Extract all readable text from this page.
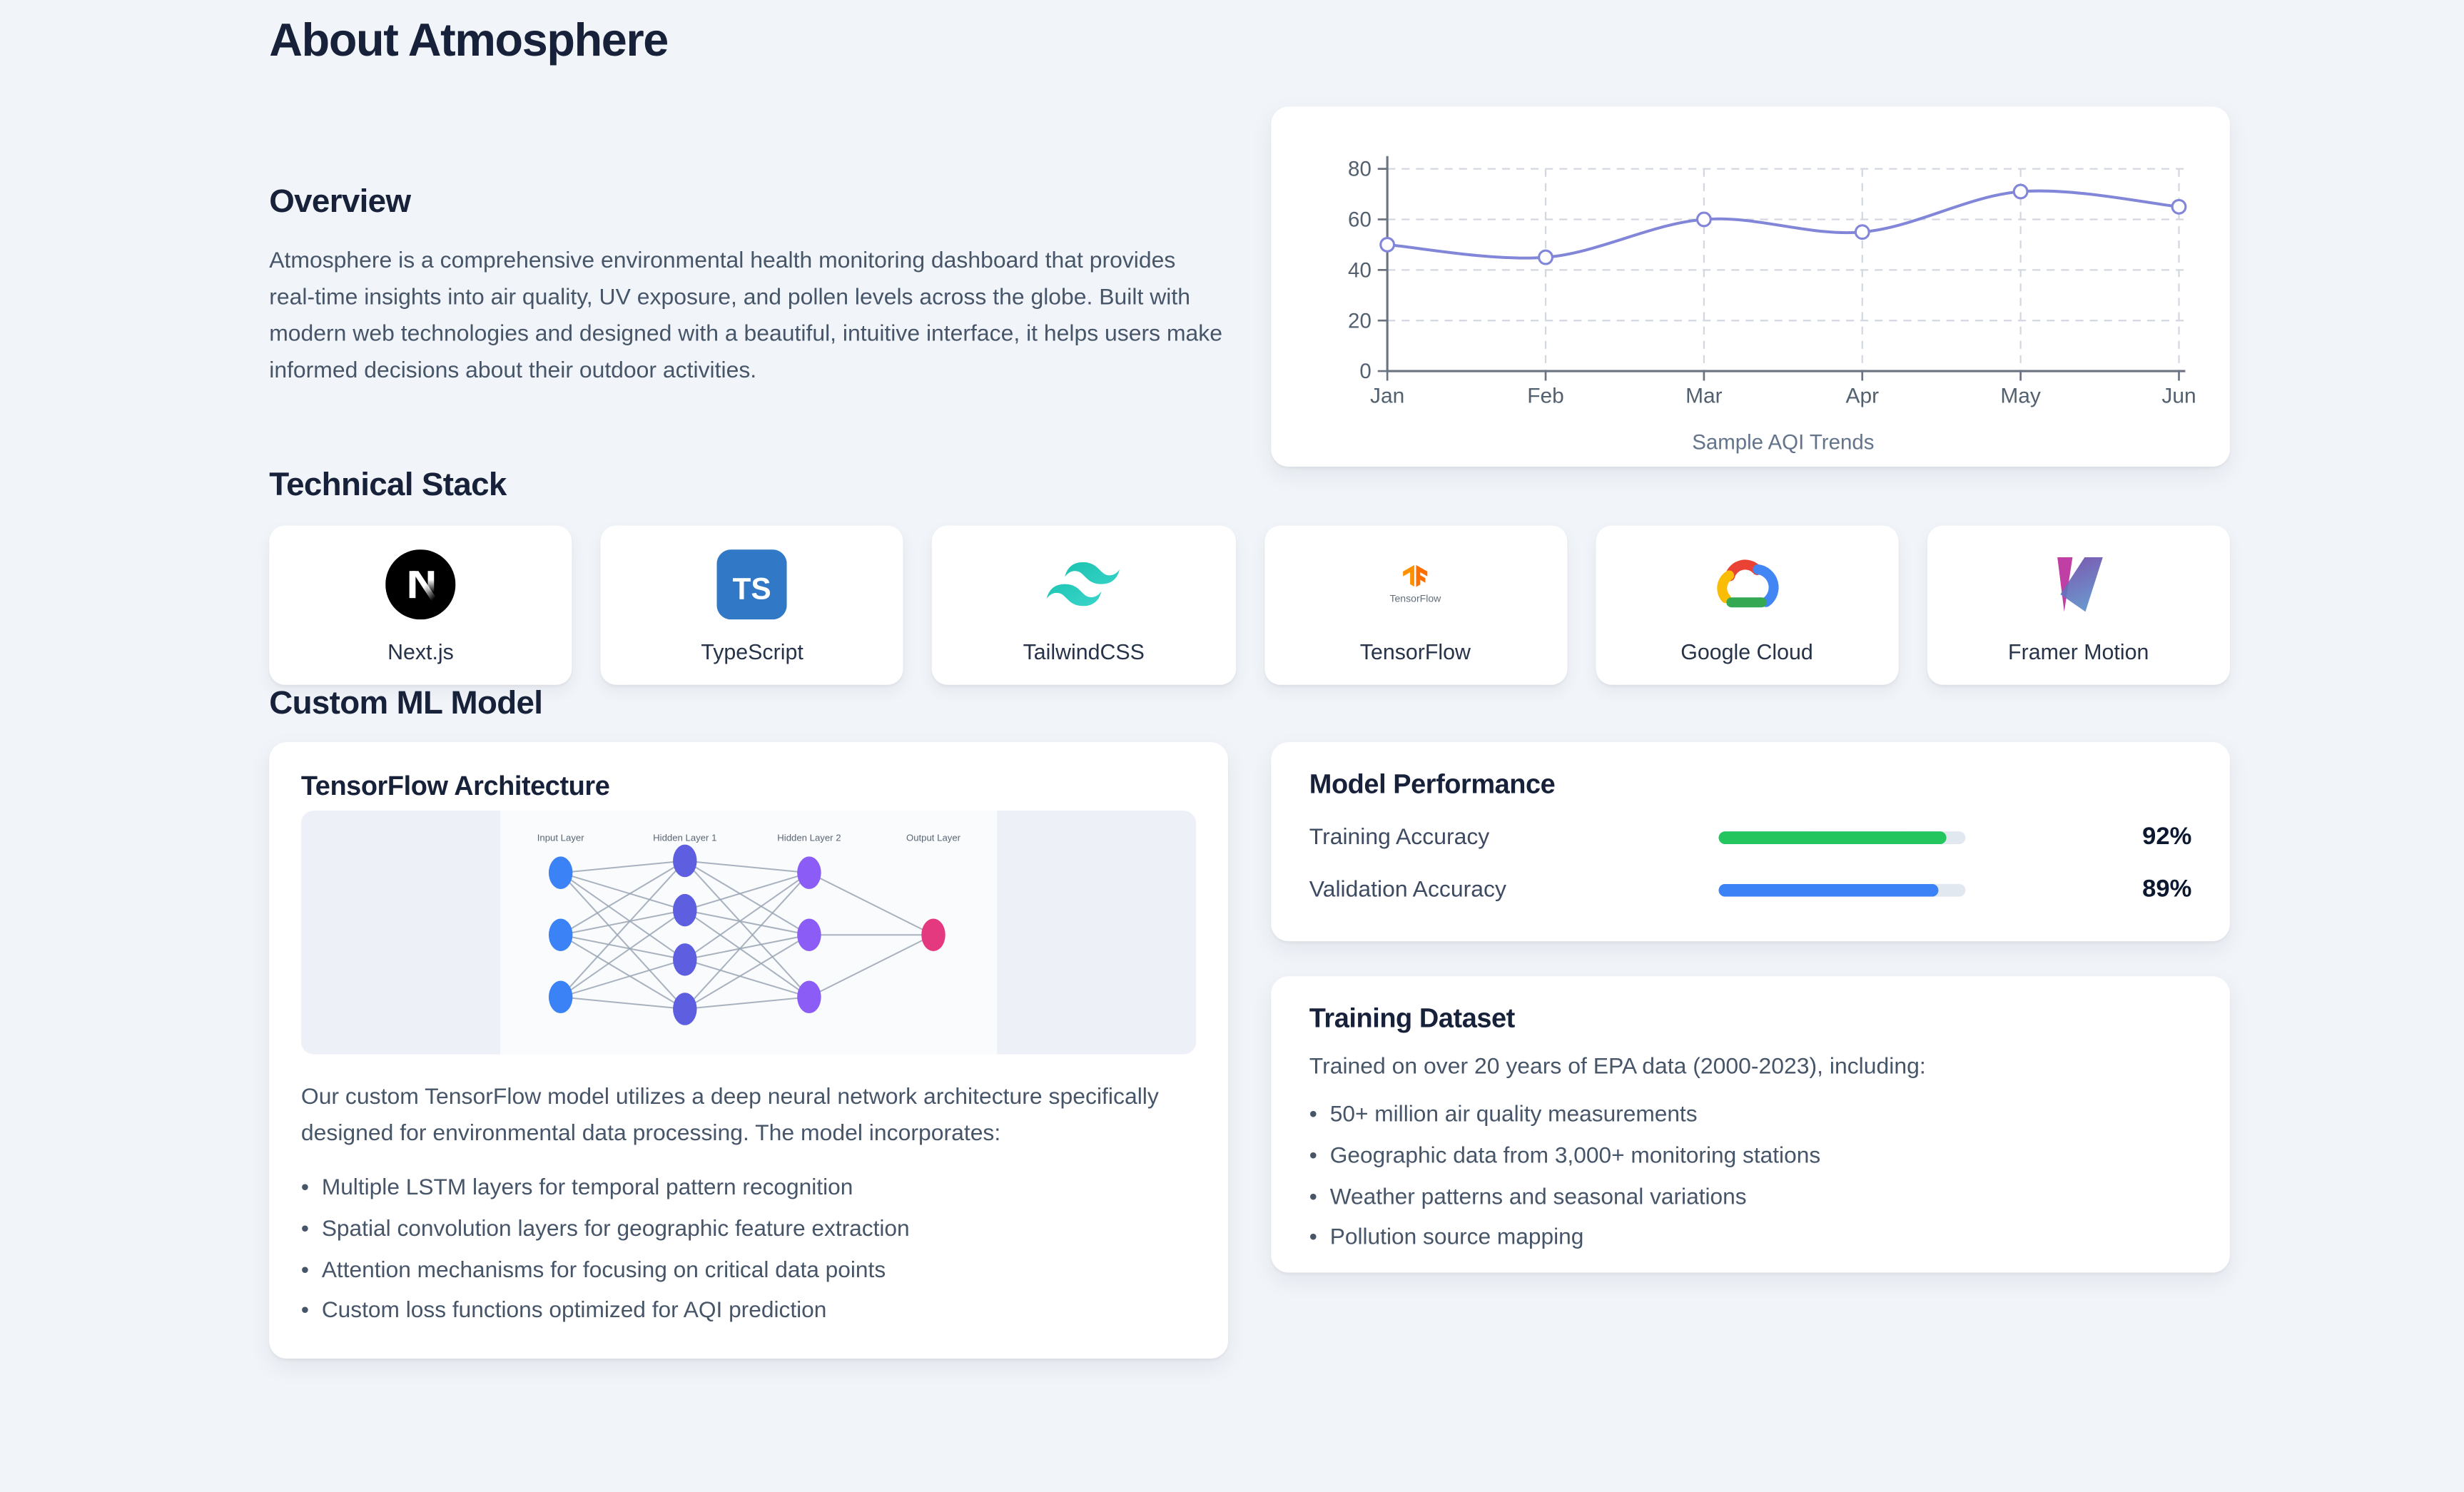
About Atmosphere
Overview

Atmosphere is a comprehensive environmental health monitoring dashboard that provides real-time insights into air quality, UV exposure, and pollen levels across the globe. Built with modern web technologies and designed with a beautiful, intuitive interface, it helps users make informed decisions about their outdoor activities.	0
20
40
60
80
Jan	Feb	Mar	Apr	May	Jun
Sample AQI Trends
Technical Stack
Next.js
TS
TypeScript	TailwindCSS
TensorFlow
TensorFlow	Google Cloud	Framer Motion
Custom ML Model
TensorFlow Architecture
Input Layer	Hidden Layer 1	Hidden Layer 2	Output Layer

Our custom TensorFlow model utilizes a deep neural network architecture specifically designed for environmental data processing. The model incorporates:

• Multiple LSTM layers for temporal pattern recognition
• Spatial convolution layers for geographic feature extraction
• Attention mechanisms for focusing on critical data points
• Custom loss functions optimized for AQI prediction
Model Performance
Training Accuracy	92%
Validation Accuracy	89%
Training Dataset

Trained on over 20 years of EPA data (2000-2023), including:

• 50+ million air quality measurements
• Geographic data from 3,000+ monitoring stations
• Weather patterns and seasonal variations
• Pollution source mapping
